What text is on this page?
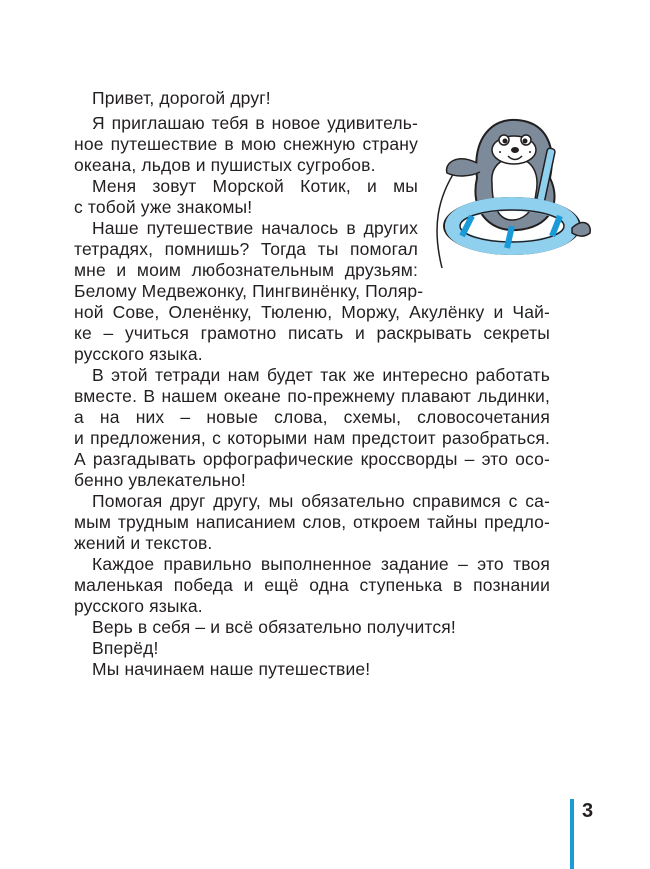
Привет, дорогой друг!
Я приглашаю тебя в новое удивитель-
ное путешествие в мою снежную страну
океана, льдов и пушистых сугробов.
Меня зовут Морской Котик, и мы
с тобой уже знакомы!
Наше путешествие началось в других
тетрадях, помнишь? Тогда ты помогал
мне и моим любознательным друзьям:
Белому Медвежонку, Пингвинёнку, Поляр-
ной Сове, Оленёнку, Тюленю, Моржу, Акулёнку и Чай-
ке – учиться грамотно писать и раскрывать секреты
русского языка.
В этой тетради нам будет так же интересно работать
вместе. В нашем океане по-прежнему плавают льдинки,
а на них – новые слова, схемы, словосочетания
и предложения, с которыми нам предстоит разобраться.
А разгадывать орфографические кроссворды – это осо-
бенно увлекательно!
Помогая друг другу, мы обязательно справимся с са-
мым трудным написанием слов, откроем тайны предло-
жений и текстов.
Каждое правильно выполненное задание – это твоя
маленькая победа и ещё одна ступенька в познании
русского языка.
Верь в себя – и всё обязательно получится!
Вперёд!
Мы начинаем наше путешествие!
3
